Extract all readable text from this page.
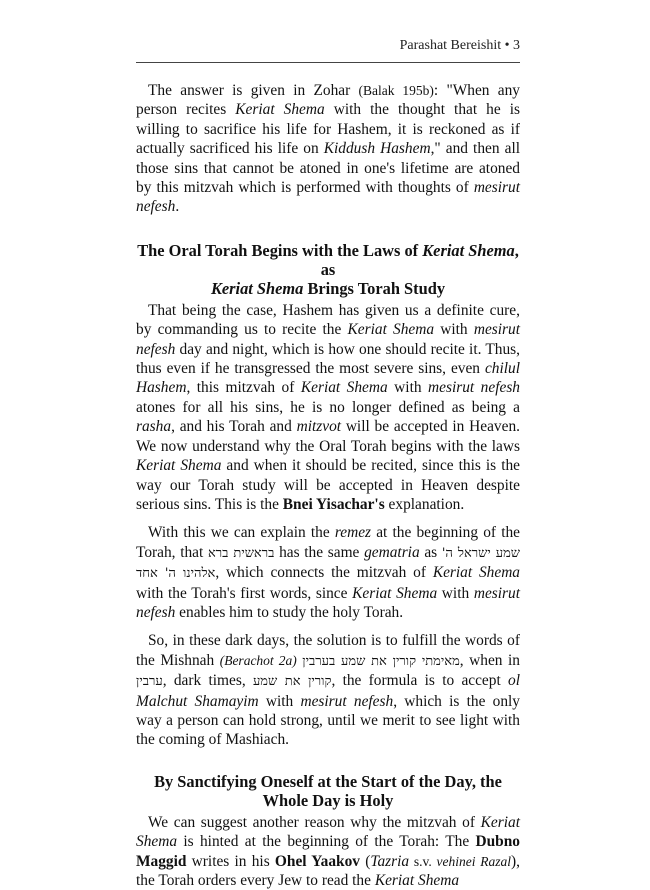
Parashat Bereishit • 3

The answer is given in Zohar (Balak 195b): "When any person recites Keriat Shema with the thought that he is willing to sacrifice his life for Hashem, it is reckoned as if actually sacrificed his life on Kiddush Hashem," and then all those sins that cannot be atoned in one's lifetime are atoned by this mitzvah which is performed with thoughts of mesirut nefesh.

The Oral Torah Begins with the Laws of Keriat Shema, as
Keriat Shema Brings Torah Study

That being the case, Hashem has given us a definite cure, by commanding us to recite the Keriat Shema with mesirut nefesh day and night, which is how one should recite it. Thus, thus even if he transgressed the most severe sins, even chilul Hashem, this mitzvah of Keriat Shema with mesirut nefesh atones for all his sins, he is no longer defined as being a rasha, and his Torah and mitzvot will be accepted in Heaven. We now understand why the Oral Torah begins with the laws Keriat Shema and when it should be recited, since this is the way our Torah study will be accepted in Heaven despite serious sins. This is the Bnei Yisachar's explanation.

With this we can explain the remez at the beginning of the Torah, that בראשית ברא has the same gematria as שמע ישראל ה' אלהינו ה' אחד, which connects the mitzvah of Keriat Shema with the Torah's first words, since Keriat Shema with mesirut nefesh enables him to study the holy Torah.

So, in these dark days, the solution is to fulfill the words of the Mishnah (Berachot 2a) מאימתי קורין את שמע בערבין, when in ערבין, dark times, קורין את שמע, the formula is to accept ol Malchut Shamayim with mesirut nefesh, which is the only way a person can hold strong, until we merit to see light with the coming of Mashiach.

By Sanctifying Oneself at the Start of the Day, the Whole Day is Holy

We can suggest another reason why the mitzvah of Keriat Shema is hinted at the beginning of the Torah: The Dubno Maggid writes in his Ohel Yaakov (Tazria s.v. vehinei Razal), the Torah orders every Jew to read the Keriat Shema
